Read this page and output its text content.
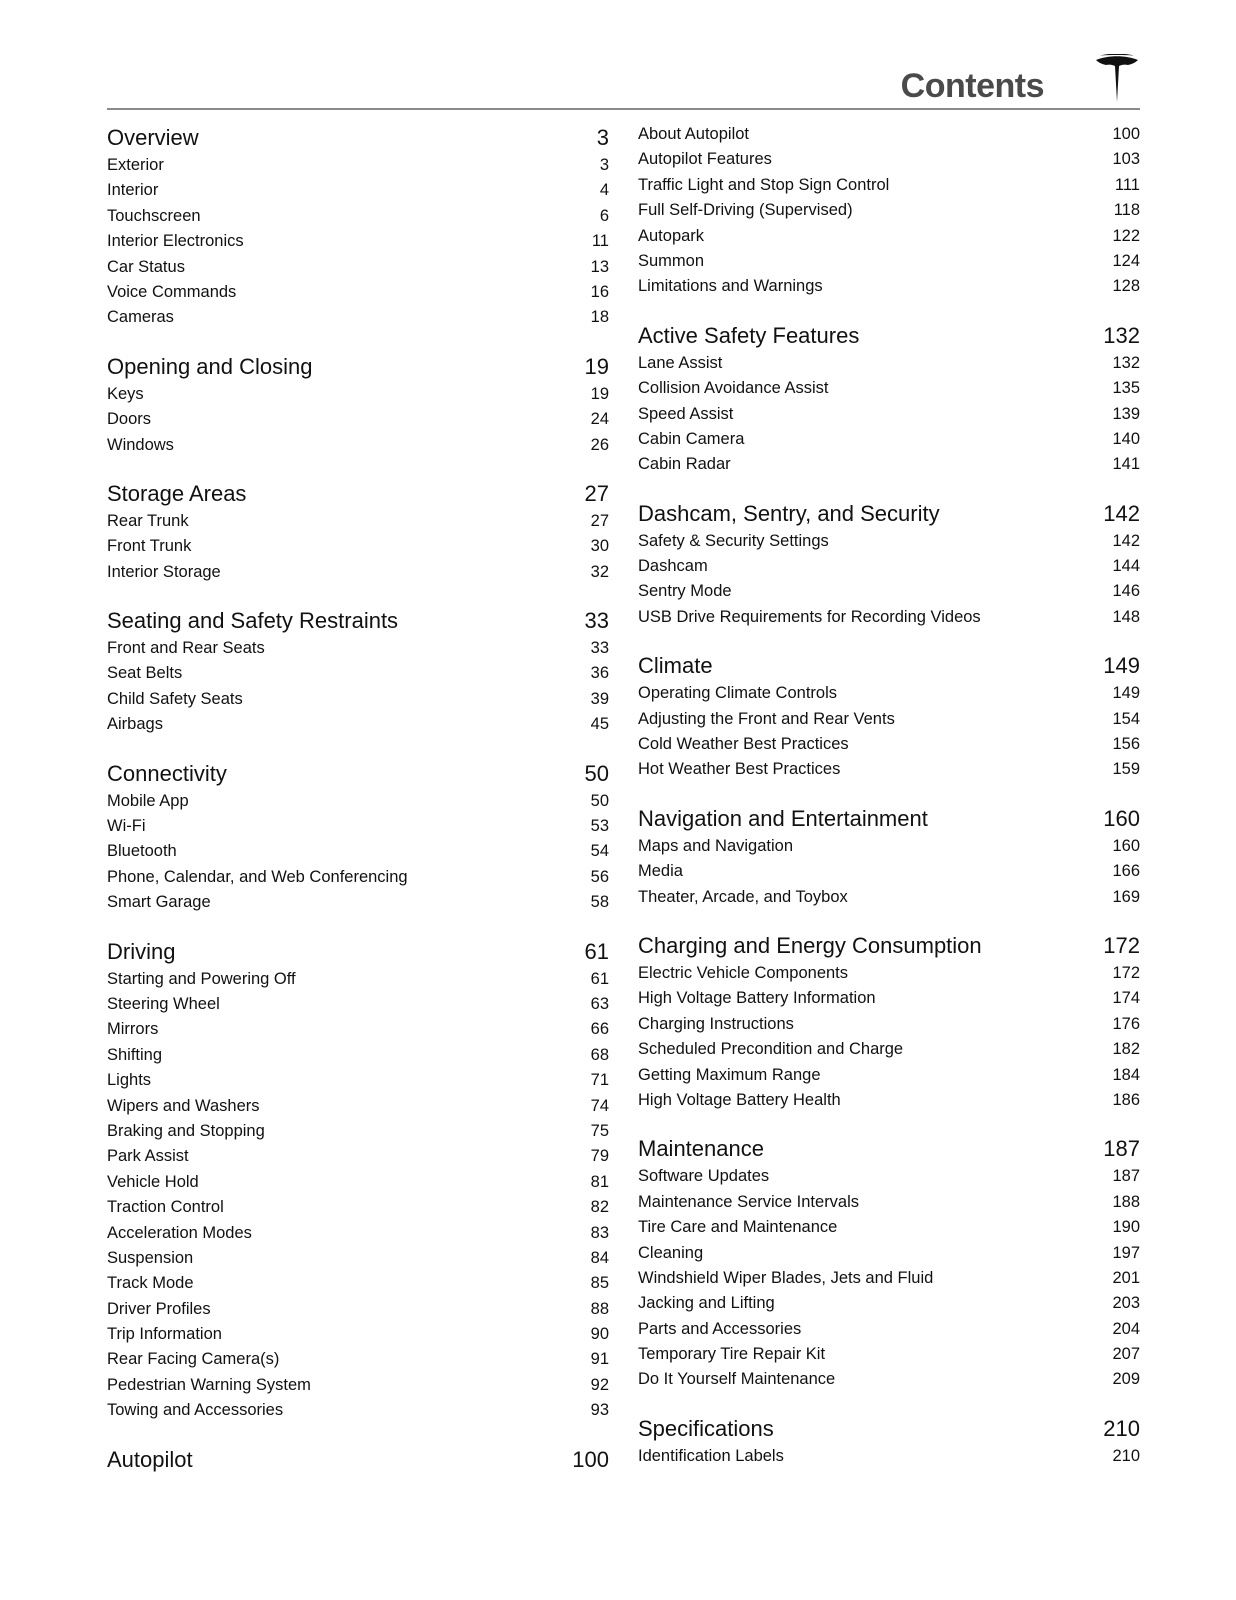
Contents
Overview	3
Exterior	3
Interior	4
Touchscreen	6
Interior Electronics	11
Car Status	13
Voice Commands	16
Cameras	18
Opening and Closing	19
Keys	19
Doors	24
Windows	26
Storage Areas	27
Rear Trunk	27
Front Trunk	30
Interior Storage	32
Seating and Safety Restraints	33
Front and Rear Seats	33
Seat Belts	36
Child Safety Seats	39
Airbags	45
Connectivity	50
Mobile App	50
Wi-Fi	53
Bluetooth	54
Phone, Calendar, and Web Conferencing	56
Smart Garage	58
Driving	61
Starting and Powering Off	61
Steering Wheel	63
Mirrors	66
Shifting	68
Lights	71
Wipers and Washers	74
Braking and Stopping	75
Park Assist	79
Vehicle Hold	81
Traction Control	82
Acceleration Modes	83
Suspension	84
Track Mode	85
Driver Profiles	88
Trip Information	90
Rear Facing Camera(s)	91
Pedestrian Warning System	92
Towing and Accessories	93
Autopilot	100
About Autopilot	100
Autopilot Features	103
Traffic Light and Stop Sign Control	111
Full Self-Driving (Supervised)	118
Autopark	122
Summon	124
Limitations and Warnings	128
Active Safety Features	132
Lane Assist	132
Collision Avoidance Assist	135
Speed Assist	139
Cabin Camera	140
Cabin Radar	141
Dashcam, Sentry, and Security	142
Safety & Security Settings	142
Dashcam	144
Sentry Mode	146
USB Drive Requirements for Recording Videos	148
Climate	149
Operating Climate Controls	149
Adjusting the Front and Rear Vents	154
Cold Weather Best Practices	156
Hot Weather Best Practices	159
Navigation and Entertainment	160
Maps and Navigation	160
Media	166
Theater, Arcade, and Toybox	169
Charging and Energy Consumption	172
Electric Vehicle Components	172
High Voltage Battery Information	174
Charging Instructions	176
Scheduled Precondition and Charge	182
Getting Maximum Range	184
High Voltage Battery Health	186
Maintenance	187
Software Updates	187
Maintenance Service Intervals	188
Tire Care and Maintenance	190
Cleaning	197
Windshield Wiper Blades, Jets and Fluid	201
Jacking and Lifting	203
Parts and Accessories	204
Temporary Tire Repair Kit	207
Do It Yourself Maintenance	209
Specifications	210
Identification Labels	210
